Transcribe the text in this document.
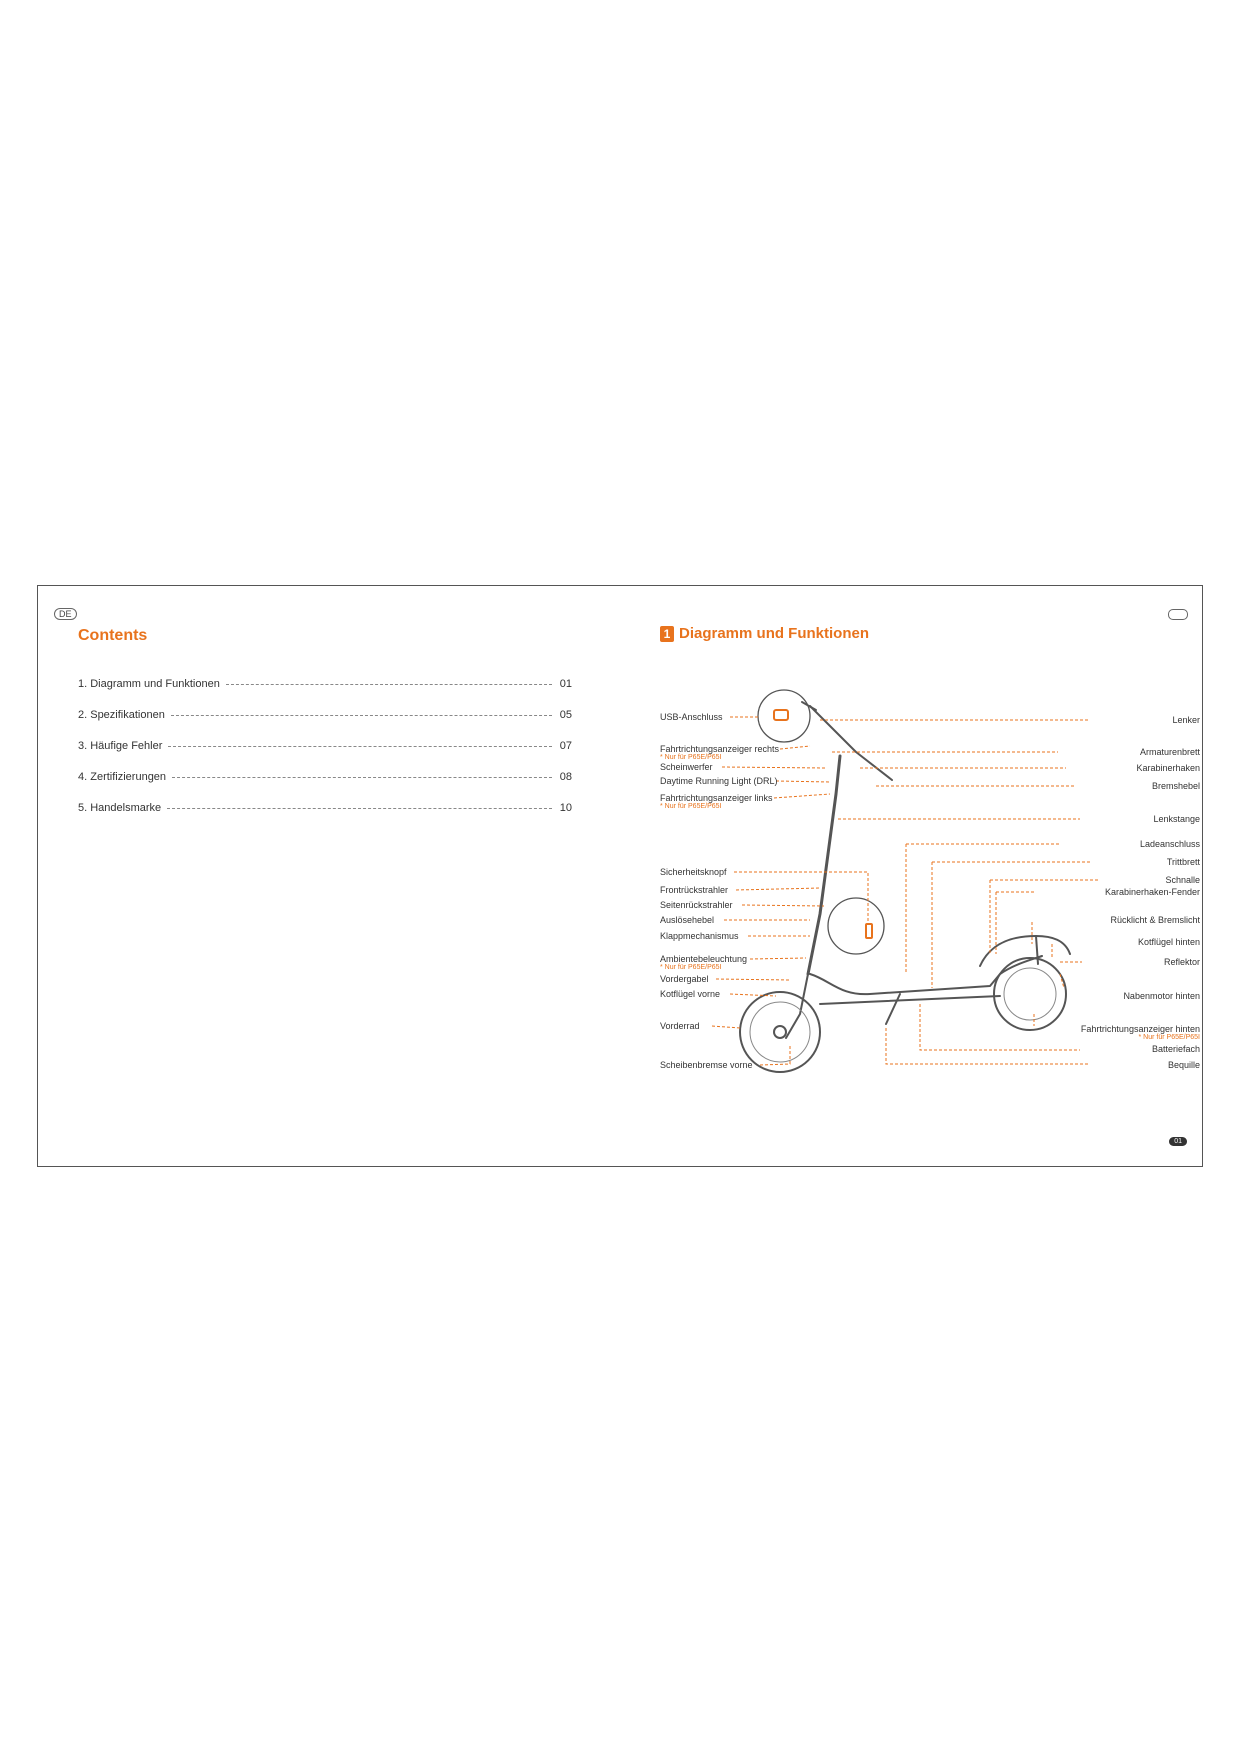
DE
Contents
1. Diagramm und Funktionen	01
2. Spezifikationen	05
3. Häufige Fehler	07
4. Zertifizierungen	08
5. Handelsmarke	10
1 Diagramm und Funktionen
USB-Anschluss
Fahrtrichtungsanzeiger rechts
* Nur für P65E/P65I
Scheinwerfer
Daytime Running Light (DRL)
Fahrtrichtungsanzeiger links
* Nur für P65E/P65I
Sicherheitsknopf
Frontrückstrahler
Seitenrückstrahler
Auslösehebel
Klappmechanismus
Ambientebeleuchtung
* Nur für P65E/P65I
Vordergabel
Kotflügel vorne
Vorderrad
Scheibenbremse vorne
Lenker
Armaturenbrett
Karabinerhaken
Bremshebel
Lenkstange
Ladeanschluss
Trittbrett
Schnalle
Karabinerhaken-Fender
Rücklicht & Bremslicht
Kotflügel hinten
Reflektor
Nabenmotor hinten
Fahrtrichtungsanzeiger hinten
* Nur für P65E/P65I
Batteriefach
Bequille
01
